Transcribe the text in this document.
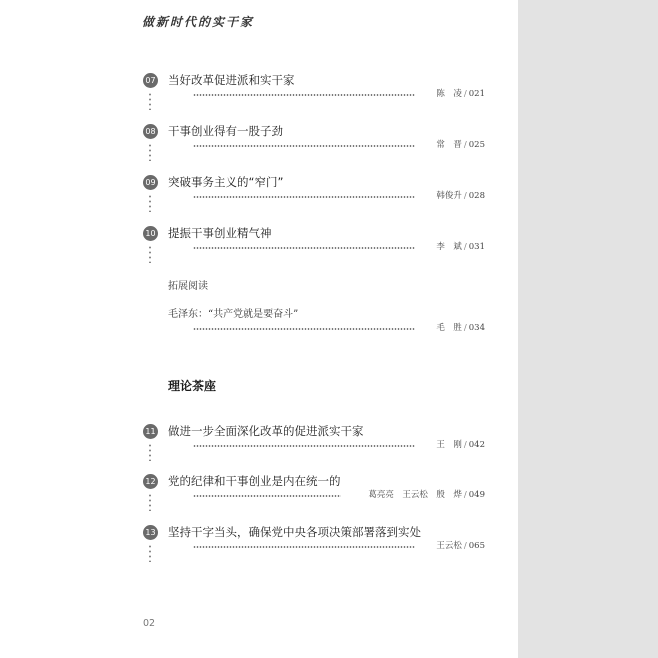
做新时代的实干家
07 当好改革促进派和实干家
陈　凌 / 021
08 干事创业得有一股子劲
常　晋 / 025
09 突破事务主义的“窄门”
韩俊升 / 028
10 提振干事创业精气神
李　斌 / 031
拓展阅读
毛泽东：“共产党就是要奋斗”
毛　胜 / 034
理论茶座
11 做进一步全面深化改革的促进派实干家
王　刚 / 042
12 党的纪律和干事创业是内在统一的
葛亮亮　王云松　殷　烨 / 049
13 坚持干字当头，确保党中央各项决策部署落到实处
王云松 / 065
02
